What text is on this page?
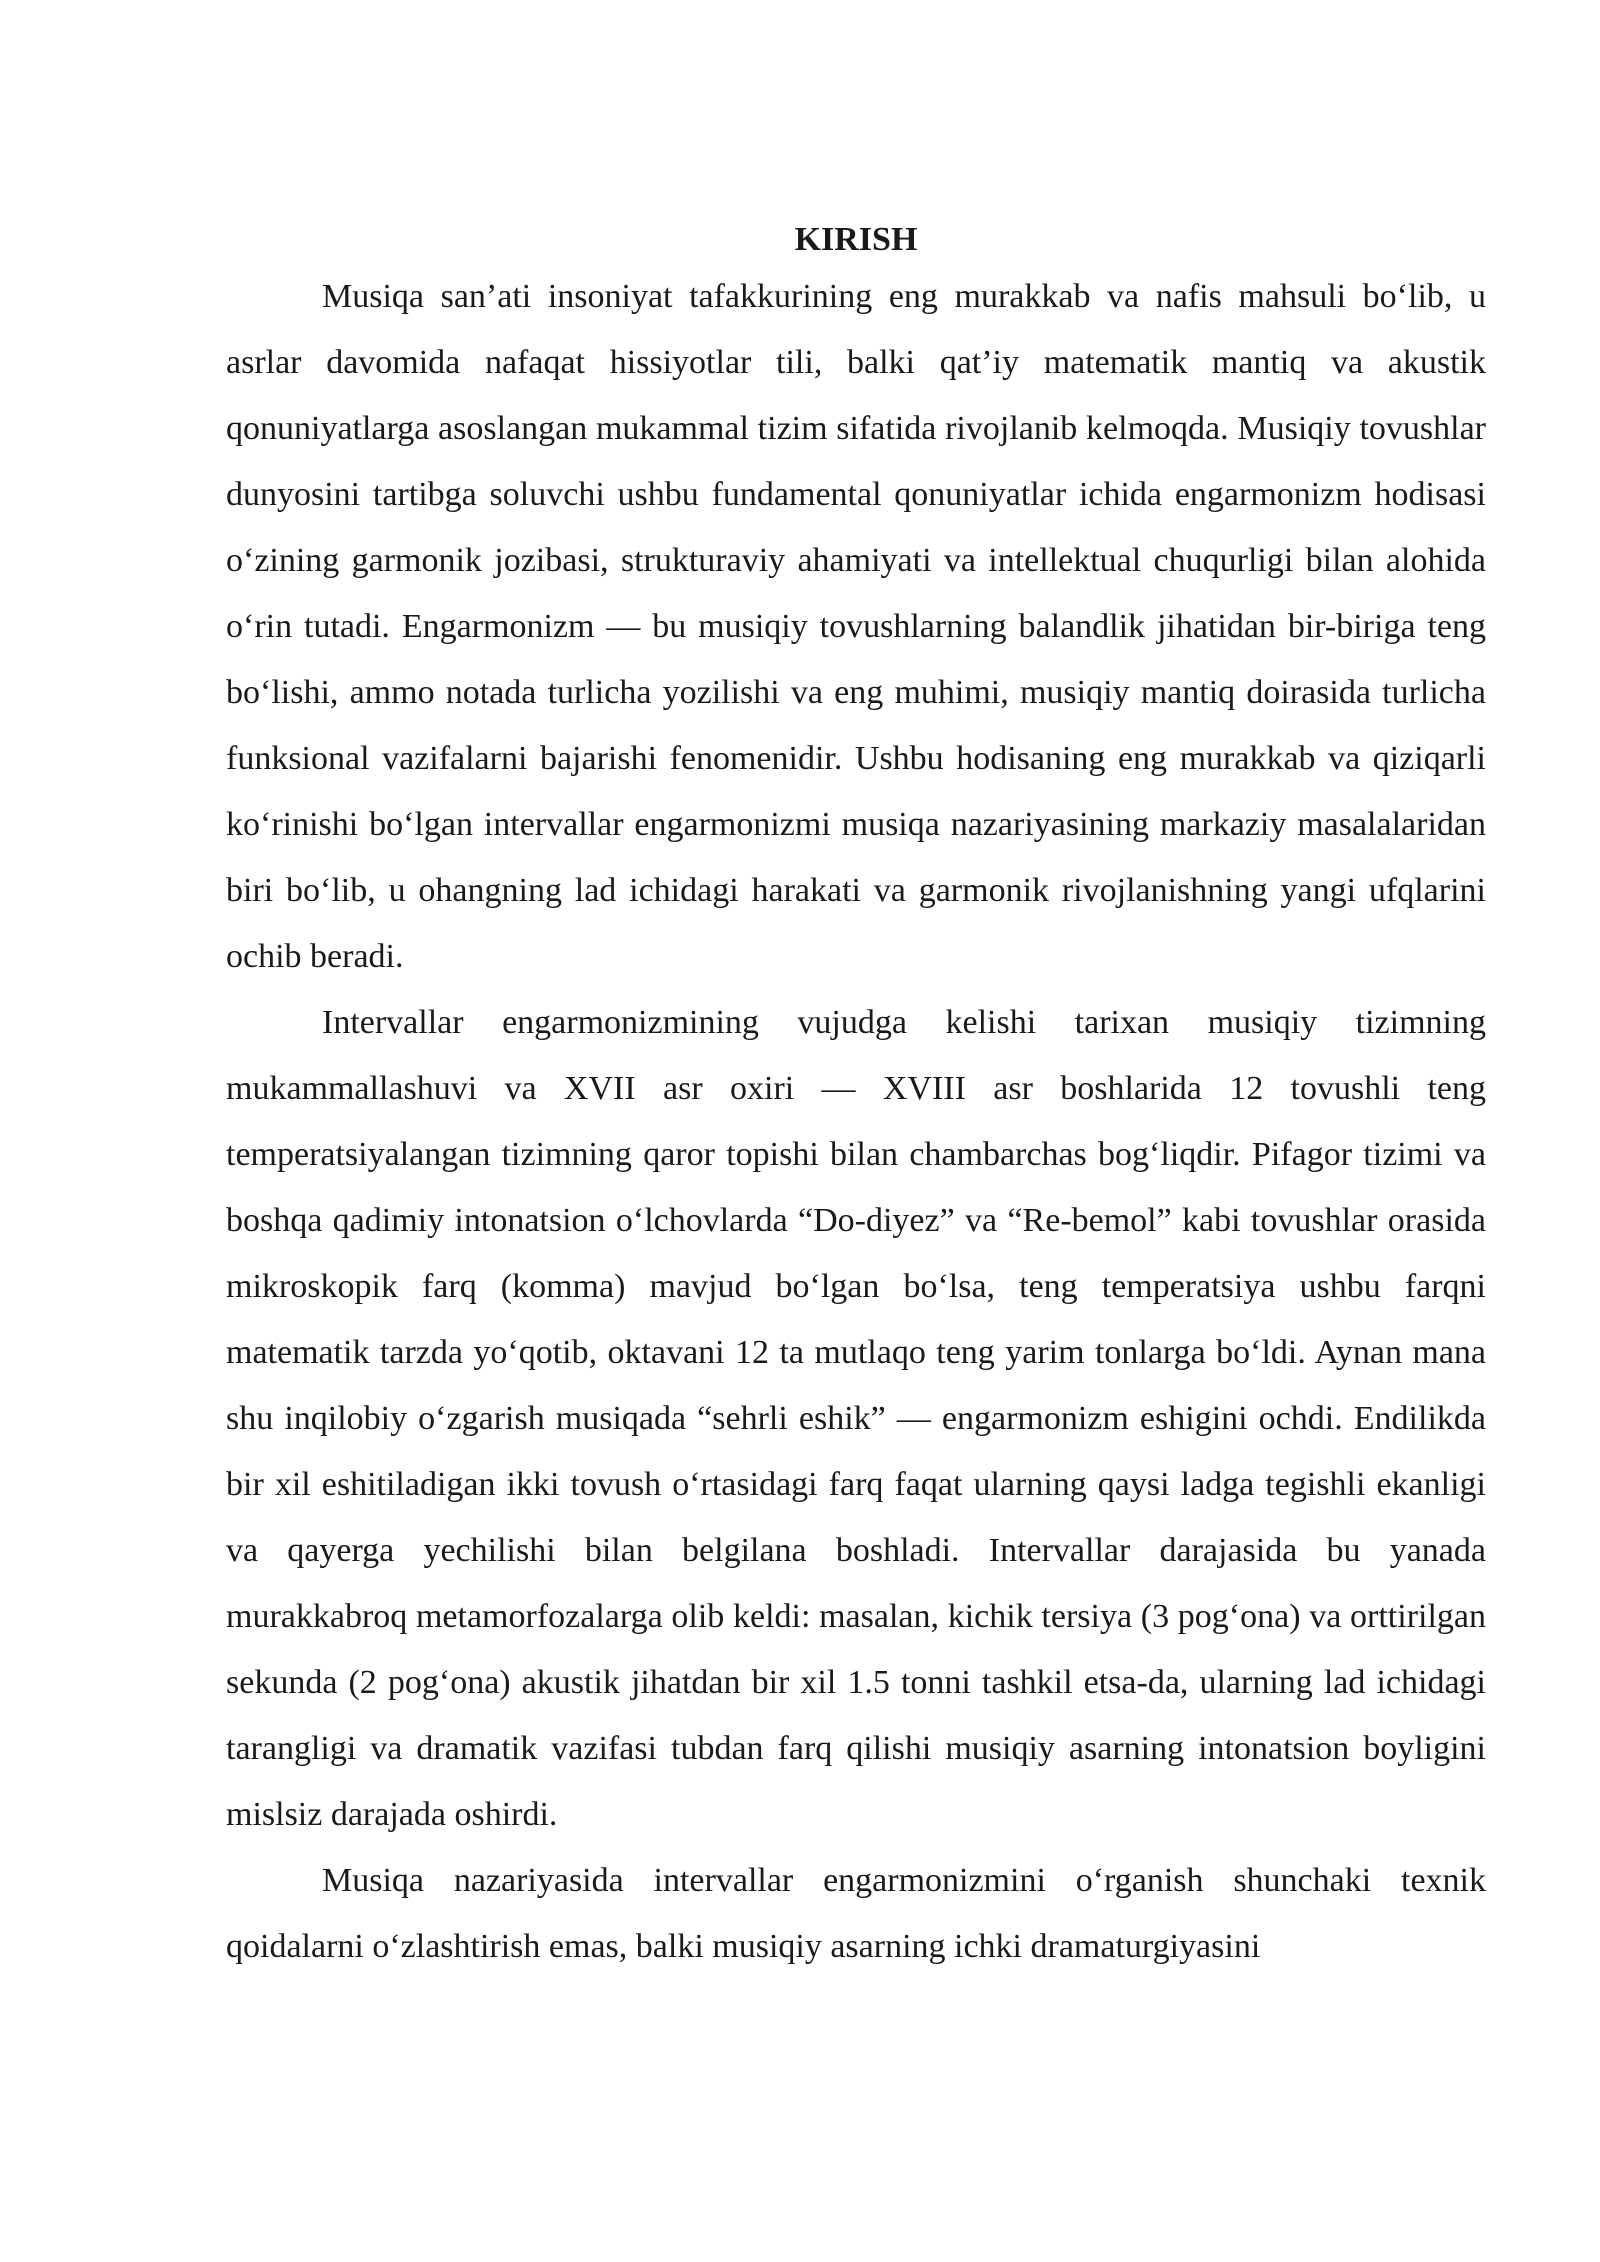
KIRISH

Musiqa san’ati insoniyat tafakkurining eng murakkab va nafis mahsuli bo‘lib, u asrlar davomida nafaqat hissiyotlar tili, balki qat’iy matematik mantiq va akustik qonuniyatlarga asoslangan mukammal tizim sifatida rivojlanib kelmoqda. Musiqiy tovushlar dunyosini tartibga soluvchi ushbu fundamental qonuniyatlar ichida engarmonizm hodisasi o‘zining garmonik jozibasi, strukturaviy ahamiyati va intellektual chuqurligi bilan alohida o‘rin tutadi. Engarmonizm — bu musiqiy tovushlarning balandlik jihatidan bir-biriga teng bo‘lishi, ammo notada turlicha yozilishi va eng muhimi, musiqiy mantiq doirasida turlicha funksional vazifalarni bajarishi fenomenidir. Ushbu hodisaning eng murakkab va qiziqarli ko‘rinishi bo‘lgan intervallar engarmonizmi musiqa nazariyasining markaziy masalalaridan biri bo‘lib, u ohangning lad ichidagi harakati va garmonik rivojlanishning yangi ufqlarini ochib beradi.

Intervallar engarmonizmining vujudga kelishi tarixan musiqiy tizimning mukammallashuvi va XVII asr oxiri — XVIII asr boshlarida 12 tovushli teng temperatsiyalangan tizimning qaror topishi bilan chambarchas bog‘liqdir. Pifagor tizimi va boshqa qadimiy intonatsion o‘lchovlarda “Do-diyez” va “Re-bemol” kabi tovushlar orasida mikroskopik farq (komma) mavjud bo‘lgan bo‘lsa, teng temperatsiya ushbu farqni matematik tarzda yo‘qotib, oktavani 12 ta mutlaqo teng yarim tonlarga bo‘ldi. Aynan mana shu inqilobiy o‘zgarish musiqada “sehrli eshik” — engarmonizm eshigini ochdi. Endilikda bir xil eshitiladigan ikki tovush o‘rtasidagi farq faqat ularning qaysi ladga tegishli ekanligi va qayerga yechilishi bilan belgilana boshladi. Intervallar darajasida bu yanada murakkabroq metamorfozalarga olib keldi: masalan, kichik tersiya (3 pog‘ona) va orttirilgan sekunda (2 pog‘ona) akustik jihatdan bir xil 1.5 tonni tashkil etsa-da, ularning lad ichidagi tarangligi va dramatik vazifasi tubdan farq qilishi musiqiy asarning intonatsion boyligini mislsiz darajada oshirdi.

Musiqa nazariyasida intervallar engarmonizmini o‘rganish shunchaki texnik qoidalarni o‘zlashtirish emas, balki musiqiy asarning ichki dramaturgiyasini
